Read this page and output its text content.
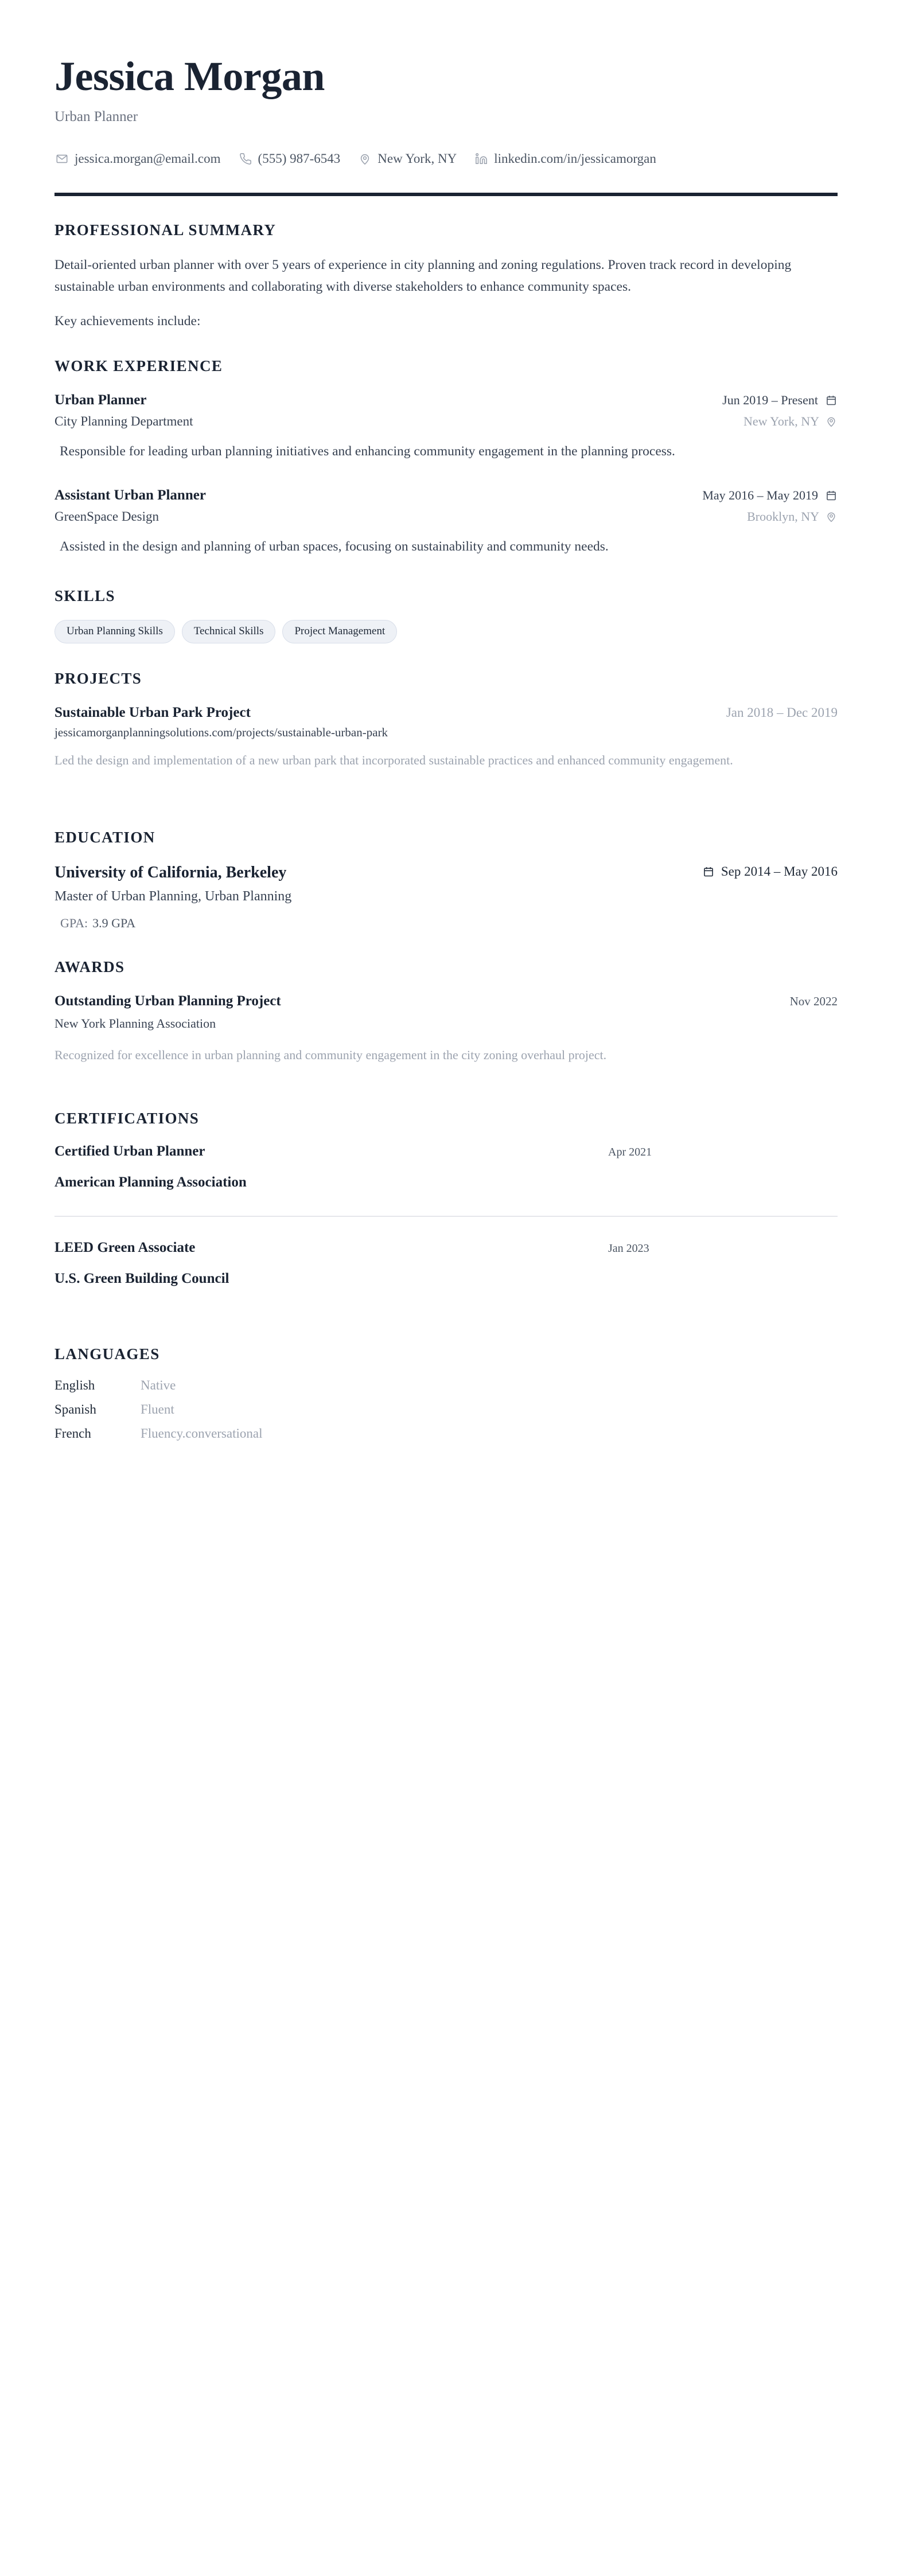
Jessica Morgan
Urban Planner
jessica.morgan@email.com	(555) 987-6543	New York, NY	linkedin.com/in/jessicamorgan
PROFESSIONAL SUMMARY
Detail-oriented urban planner with over 5 years of experience in city planning and zoning regulations. Proven track record in developing sustainable urban environments and collaborating with diverse stakeholders to enhance community spaces.
Key achievements include:
WORK EXPERIENCE
Urban Planner	Jun 2019 – Present
City Planning Department	New York, NY
Responsible for leading urban planning initiatives and enhancing community engagement in the planning process.
Assistant Urban Planner	May 2016 – May 2019
GreenSpace Design	Brooklyn, NY
Assisted in the design and planning of urban spaces, focusing on sustainability and community needs.
SKILLS
Urban Planning Skills	Technical Skills	Project Management
PROJECTS
Sustainable Urban Park Project	Jan 2018 – Dec 2019
jessicamorganplanningsolutions.com/projects/sustainable-urban-park
Led the design and implementation of a new urban park that incorporated sustainable practices and enhanced community engagement.
EDUCATION
University of California, Berkeley	Sep 2014 – May 2016
Master of Urban Planning, Urban Planning
GPA: 3.9 GPA
AWARDS
Outstanding Urban Planning Project	Nov 2022
New York Planning Association
Recognized for excellence in urban planning and community engagement in the city zoning overhaul project.
CERTIFICATIONS
Certified Urban Planner	Apr 2021
American Planning Association
LEED Green Associate	Jan 2023
U.S. Green Building Council
LANGUAGES
English	Native
Spanish	Fluent
French	Fluency.conversational
